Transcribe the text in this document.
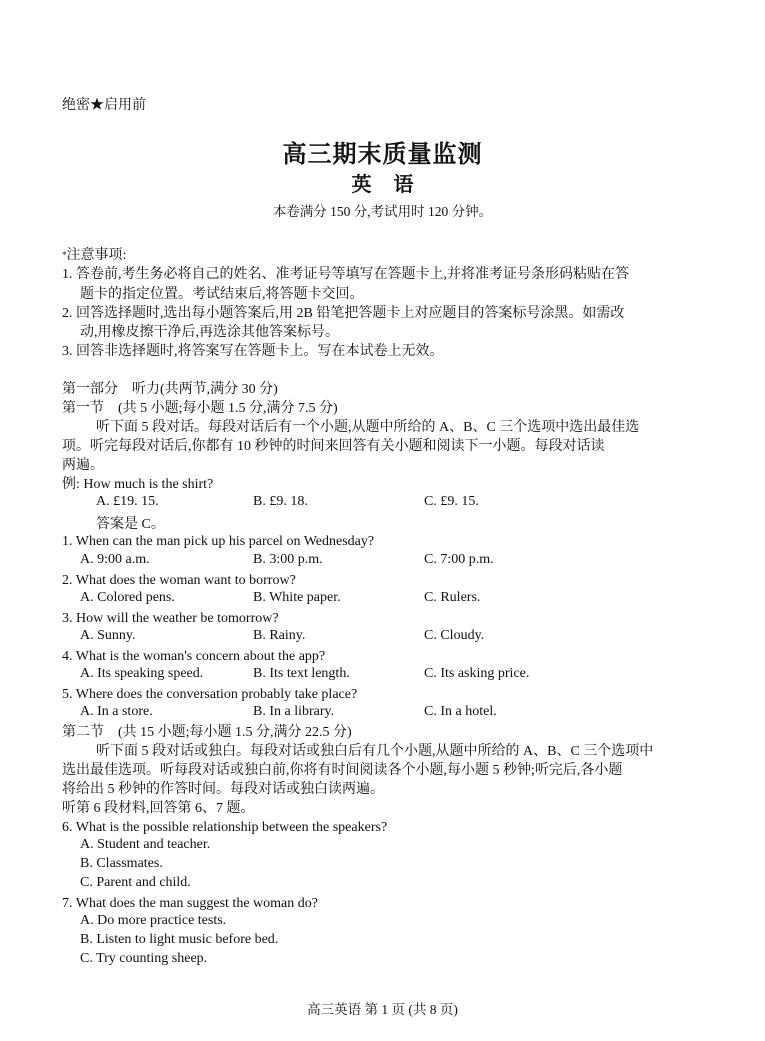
绝密★启用前
高三期末质量监测
英语
本卷满分 150 分,考试用时 120 分钟。
*注意事项:
1. 答卷前,考生务必将自己的姓名、准考证号等填写在答题卡上,并将准考证号条形码粘贴在答
题卡的指定位置。考试结束后,将答题卡交回。
2. 回答选择题时,选出每小题答案后,用 2B 铅笔把答题卡上对应题目的答案标号涂黑。如需改
动,用橡皮擦干净后,再选涂其他答案标号。
3. 回答非选择题时,将答案写在答题卡上。写在本试卷上无效。
第一部分　听力(共两节,满分 30 分)
第一节　(共 5 小题;每小题 1.5 分,满分 7.5 分)
听下面 5 段对话。每段对话后有一个小题,从题中所给的 A、B、C 三个选项中选出最佳选
项。听完每段对话后,你都有 10 秒钟的时间来回答有关小题和阅读下一小题。每段对话读
两遍。
例: How much is the shirt?
A. £19. 15.	B. £9. 18.	C. £9. 15.
答案是 C。
1. When can the man pick up his parcel on Wednesday?
A. 9:00 a.m.	B. 3:00 p.m.	C. 7:00 p.m.
2. What does the woman want to borrow?
A. Colored pens.	B. White paper.	C. Rulers.
3. How will the weather be tomorrow?
A. Sunny.	B. Rainy.	C. Cloudy.
4. What is the woman's concern about the app?
A. Its speaking speed.	B. Its text length.	C. Its asking price.
5. Where does the conversation probably take place?
A. In a store.	B. In a library.	C. In a hotel.
第二节　(共 15 小题;每小题 1.5 分,满分 22.5 分)
听下面 5 段对话或独白。每段对话或独白后有几个小题,从题中所给的 A、B、C 三个选项中
选出最佳选项。听每段对话或独白前,你将有时间阅读各个小题,每小题 5 秒钟;听完后,各小题
将给出 5 秒钟的作答时间。每段对话或独白读两遍。
听第 6 段材料,回答第 6、7 题。
6. What is the possible relationship between the speakers?
A. Student and teacher.
B. Classmates.
C. Parent and child.
7. What does the man suggest the woman do?
A. Do more practice tests.
B. Listen to light music before bed.
C. Try counting sheep.
高三英语 第 1 页 (共 8 页)
